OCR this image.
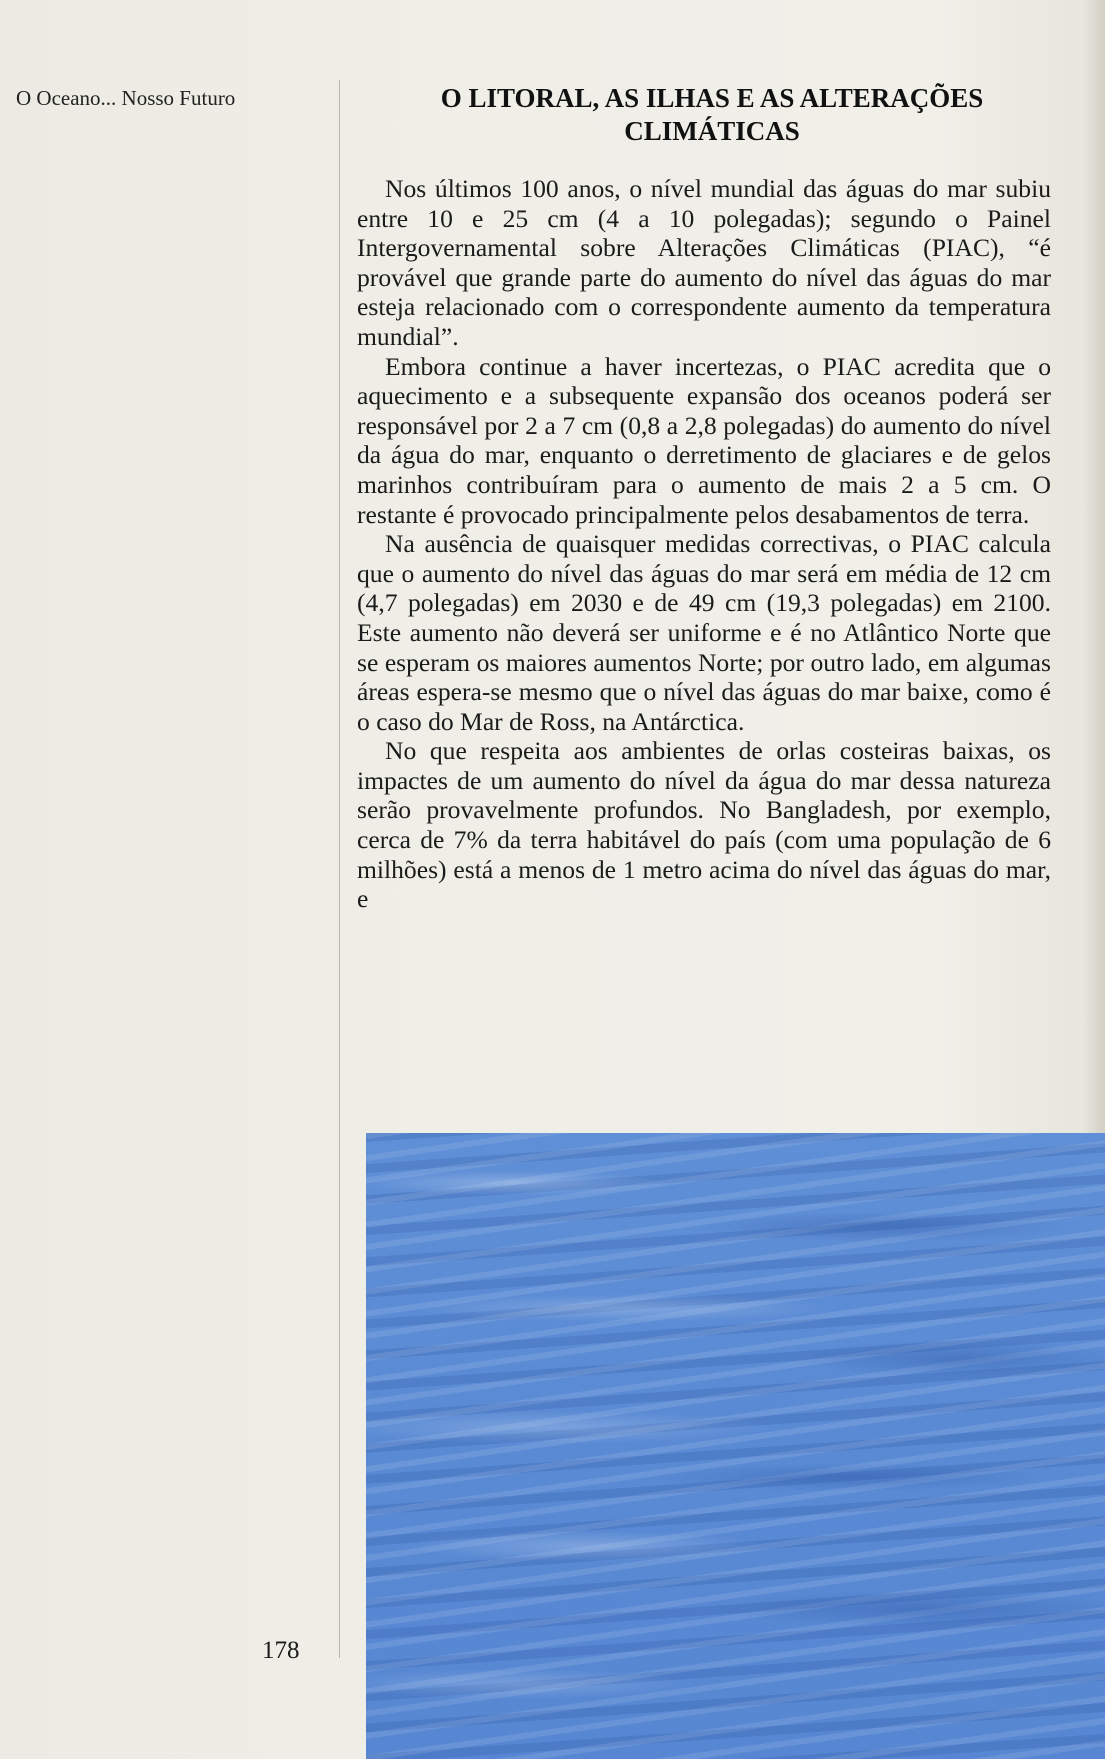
O Oceano... Nosso Futuro	O LITORAL, AS ILHAS E AS ALTERAÇÕES CLIMÁTICAS

Nos últimos 100 anos, o nível mundial das águas do mar subiu entre 10 e 25 cm (4 a 10 polegadas); segundo o Painel Intergovernamental sobre Alterações Climáticas (PIAC), “é provável que grande parte do aumento do nível das águas do mar esteja relacionado com o correspondente aumento da temperatura mundial”.

Embora continue a haver incertezas, o PIAC acredita que o aquecimento e a subsequente expansão dos oceanos poderá ser responsável por 2 a 7 cm (0,8 a 2,8 polegadas) do aumento do nível da água do mar, enquanto o derretimento de glaciares e de gelos marinhos contribuíram para o aumento de mais 2 a 5 cm. O restante é provocado principalmente pelos desabamentos de terra.

Na ausência de quaisquer medidas correctivas, o PIAC calcula que o aumento do nível das águas do mar será em média de 12 cm (4,7 polegadas) em 2030 e de 49 cm (19,3 polegadas) em 2100. Este aumento não deverá ser uniforme e é no Atlântico Norte que se esperam os maiores aumentos Norte; por outro lado, em algumas áreas espera-se mesmo que o nível das águas do mar baixe, como é o caso do Mar de Ross, na Antárctica.

No que respeita aos ambientes de orlas costeiras baixas, os impactes de um aumento do nível da água do mar dessa natureza serão provavelmente profundos. No Bangladesh, por exemplo, cerca de 7% da terra habitável do país (com uma população de 6 milhões) está a menos de 1 metro acima do nível das águas do mar, e

178
